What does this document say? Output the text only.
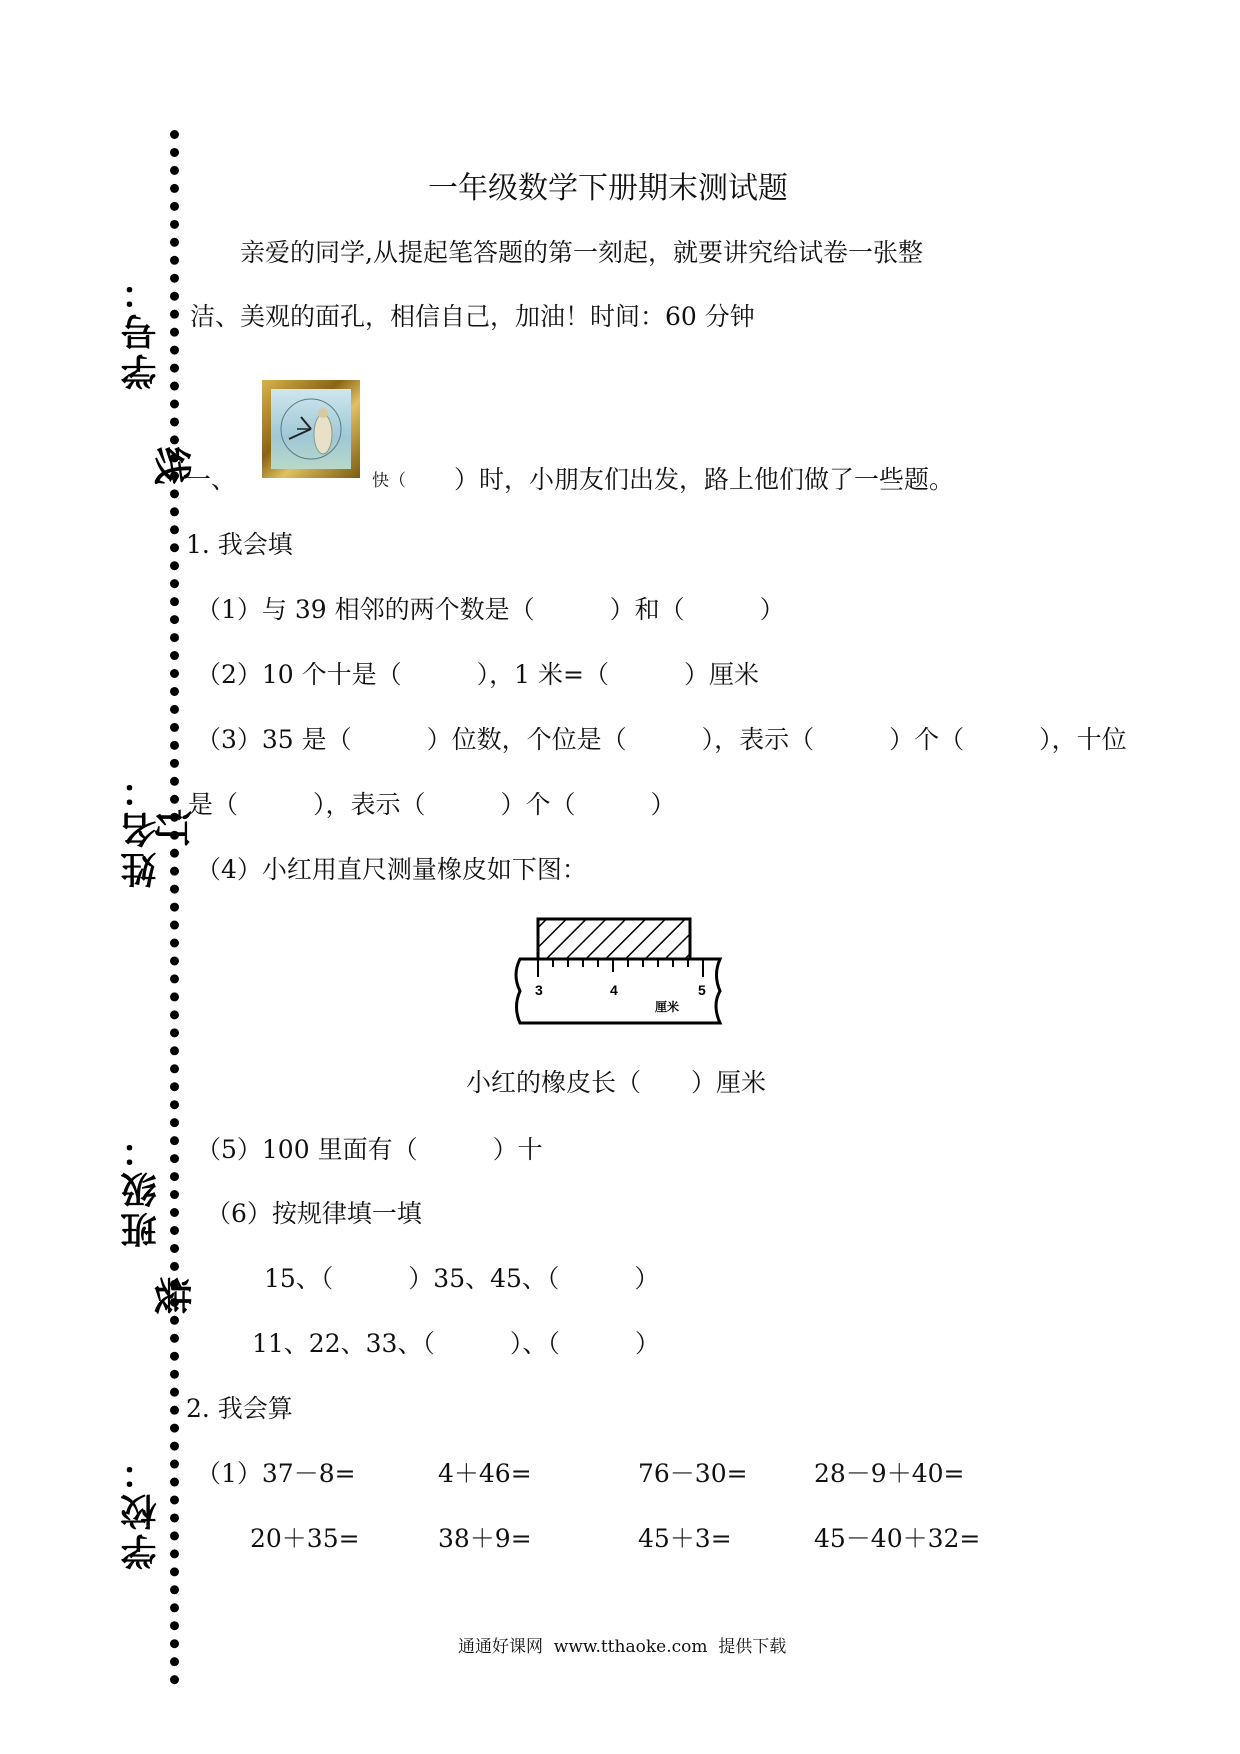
学号：
姓名：
班级：
学校：
线
订
装
一年级数学下册期末测试题
亲爱的同学,从提起笔答题的第一刻起，就要讲究给试卷一张整
洁、美观的面孔，相信自己，加油！时间：60 分钟
一、	快（ ）时，小朋友们出发，路上他们做了一些题。
1. 我会填
（1）与 39 相邻的两个数是（　　　）和（　　　）
（2）10 个十是（　　　），1 米=（　　　）厘米
（3）35 是（　　　）位数，个位是（　　　），表示（　　　）个（　　　），十位
是（　　　），表示（　　　）个（　　　）
（4）小红用直尺测量橡皮如下图：
3	4	5
厘米
小红的橡皮长（　　）厘米
（5）100 里面有（　　　）十
（6）按规律填一填
15、（　　　）35、45、（　　　）
11、22、33、（　　　）、（　　　）
2. 我会算
（1）37－8=	4＋46=	76－30=	28－9＋40=
20＋35=	38＋9=	45＋3=	45－40＋32=
通通好课网  www.tthaoke.com  提供下载
